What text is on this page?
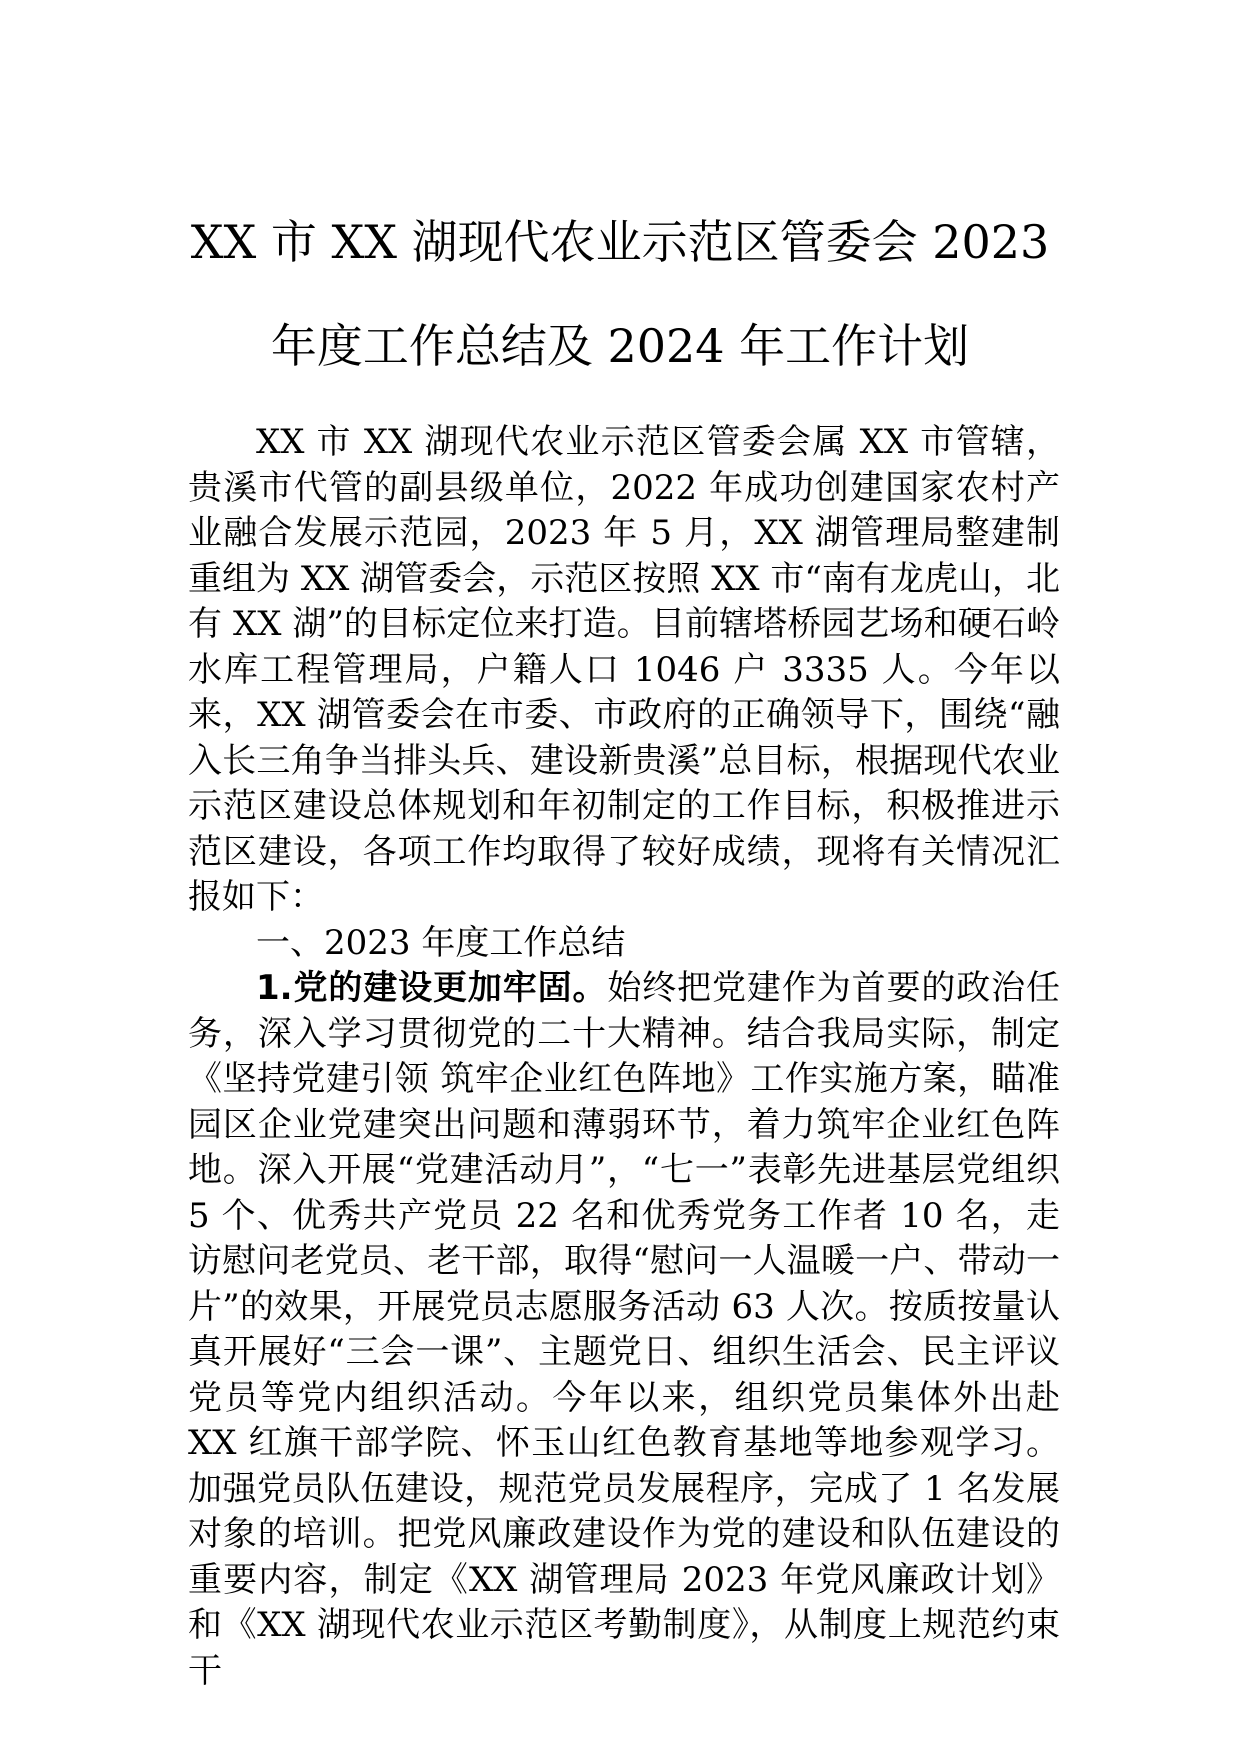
XX 市 XX 湖现代农业示范区管委会 2023 年度工作总结及 2024 年工作计划

XX 市 XX 湖现代农业示范区管委会属 XX 市管辖，贵溪市代管的副县级单位，2022 年成功创建国家农村产业融合发展示范园，2023 年 5 月，XX 湖管理局整建制重组为 XX 湖管委会，示范区按照 XX 市“南有龙虎山，北有 XX 湖”的目标定位来打造。目前辖塔桥园艺场和硬石岭水库工程管理局，户籍人口 1046 户 3335 人。今年以来，XX 湖管委会在市委、市政府的正确领导下，围绕“融入长三角争当排头兵、建设新贵溪”总目标，根据现代农业示范区建设总体规划和年初制定的工作目标，积极推进示范区建设，各项工作均取得了较好成绩，现将有关情况汇报如下：

一、2023 年度工作总结

1.党的建设更加牢固。始终把党建作为首要的政治任务，深入学习贯彻党的二十大精神。结合我局实际，制定《坚持党建引领 筑牢企业红色阵地》工作实施方案，瞄准园区企业党建突出问题和薄弱环节，着力筑牢企业红色阵地。深入开展“党建活动月”，“七一”表彰先进基层党组织 5 个、优秀共产党员 22 名和优秀党务工作者 10 名，走访慰问老党员、老干部，取得“慰问一人温暖一户、带动一片”的效果，开展党员志愿服务活动 63 人次。按质按量认真开展好“三会一课”、主题党日、组织生活会、民主评议党员等党内组织活动。今年以来，组织党员集体外出赴 XX 红旗干部学院、怀玉山红色教育基地等地参观学习。加强党员队伍建设，规范党员发展程序，完成了 1 名发展对象的培训。把党风廉政建设作为党的建设和队伍建设的重要内容，制定《XX 湖管理局 2023 年党风廉政计划》和《XX 湖现代农业示范区考勤制度》，从制度上规范约束干
